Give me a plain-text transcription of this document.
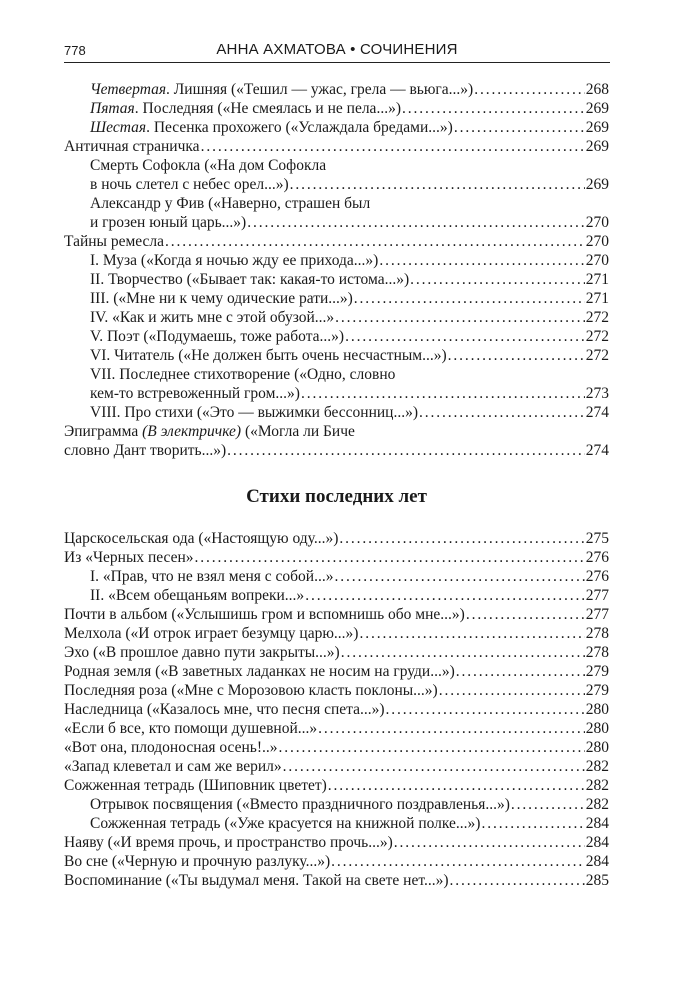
778	АННА АХМАТОВА • СОЧИНЕНИЯ
Четвертая. Лишняя («Тешил — ужас, грела — вьюга...») . . .	268
Пятая. Последняя («Не смеялась и не пела...») . . .	269
Шестая. Песенка прохожего («Услаждала бредами...») . . .	269
Античная страничка . . .	269
Смерть Софокла («На дом Софокла
в ночь слетел с небес орел...») . . .	269
Александр у Фив («Наверно, страшен был
и грозен юный царь...») . . .	270
Тайны ремесла . . .	270
I. Муза («Когда я ночью жду ее прихода...») . . .	270
II. Творчество («Бывает так: какая-то истома...») . . .	271
III. («Мне ни к чему одические рати...») . . .	271
IV. «Как и жить мне с этой обузой...» . . .	272
V. Поэт («Подумаешь, тоже работа...») . . .	272
VI. Читатель («Не должен быть очень несчастным...») . . .	272
VII. Последнее стихотворение («Одно, словно
кем-то встревоженный гром...») . . .	273
VIII. Про стихи («Это — выжимки бессонниц...») . . .	274
Эпиграмма (В электричке) («Могла ли Биче
словно Дант творить...») . . .	274
Стихи последних лет
Царскосельская ода («Настоящую оду...») . . .	275
Из «Черных песен» . . .	276
I. «Прав, что не взял меня с собой...» . . .	276
II. «Всем обещаньям вопреки...» . . .	277
Почти в альбом («Услышишь гром и вспомнишь обо мне...») . . .	277
Мелхола («И отрок играет безумцу царю...») . . .	278
Эхо («В прошлое давно пути закрыты...») . . .	278
Родная земля («В заветных ладанках не носим на груди...») . . .	279
Последняя роза («Мне с Морозовою класть поклоны...») . . .	279
Наследница («Казалось мне, что песня спета...») . . .	280
«Если б все, кто помощи душевной...» . . .	280
«Вот она, плодоносная осень!..» . . .	280
«Запад клеветал и сам же верил» . . .	282
Сожженная тетрадь (Шиповник цветет) . . .	282
Отрывок посвящения («Вместо праздничного поздравленья...») . . .	282
Сожженная тетрадь («Уже красуется на книжной полке...») . . .	284
Наяву («И время прочь, и пространство прочь...») . . .	284
Во сне («Черную и прочную разлуку...») . . .	284
Воспоминание («Ты выдумал меня. Такой на свете нет...») . . .	285
